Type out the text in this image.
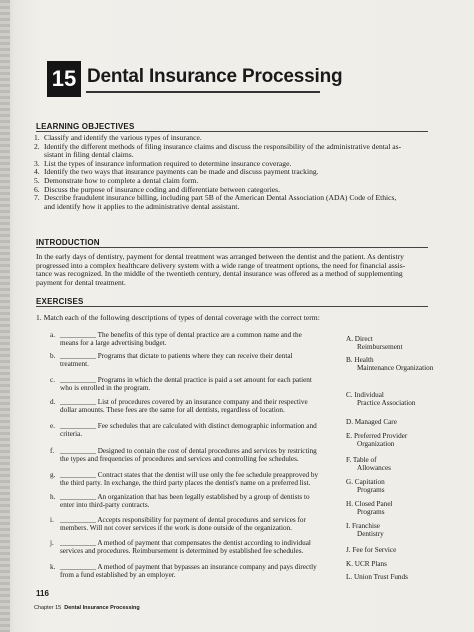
15 Dental Insurance Processing
LEARNING OBJECTIVES
1. Classify and identify the various types of insurance.
2. Identify the different methods of filing insurance claims and discuss the responsibility of the administrative dental as-
sistant in filing dental claims.
3. List the types of insurance information required to determine insurance coverage.
4. Identify the two ways that insurance payments can be made and discuss payment tracking.
5. Demonstrate how to complete a dental claim form.
6. Discuss the purpose of insurance coding and differentiate between categories.
7. Describe fraudulent insurance billing, including part 5B of the American Dental Association (ADA) Code of Ethics,
and identify how it applies to the administrative dental assistant.
INTRODUCTION
In the early days of dentistry, payment for dental treatment was arranged between the dentist and the patient. As dentistry
progressed into a complex healthcare delivery system with a wide range of treatment options, the need for financial assis-
tance was recognized. In the middle of the twentieth century, dental insurance was offered as a method of supplementing
payment for dental treatment.
EXERCISES
1. Match each of the following descriptions of types of dental coverage with the correct term:
a. __________ The benefits of this type of dental practice are a common name and the
means for a large advertising budget.
b. __________ Programs that dictate to patients where they can receive their dental
treatment.
c. __________ Programs in which the dental practice is paid a set amount for each patient
who is enrolled in the program.
d. __________ List of procedures covered by an insurance company and their respective
dollar amounts. These fees are the same for all dentists, regardless of location.
e. __________ Fee schedules that are calculated with distinct demographic information and
criteria.
f. __________ Designed to contain the cost of dental procedures and services by restricting
the types and frequencies of procedures and services and controlling fee schedules.
g. __________ Contract states that the dentist will use only the fee schedule preapproved by
the third party. In exchange, the third party places the dentist's name on a preferred list.
h. __________ An organization that has been legally established by a group of dentists to
enter into third-party contracts.
i. __________ Accepts responsibility for payment of dental procedures and services for
members. Will not cover services if the work is done outside of the organization.
j. __________ A method of payment that compensates the dentist according to individual
services and procedures. Reimbursement is determined by established fee schedules.
k. __________ A method of payment that bypasses an insurance company and pays directly
from a fund established by an employer.
A. Direct
Reimbursement
B. Health
Maintenance Organization
C. Individual
Practice Association
D. Managed Care
E. Preferred Provider
Organization
F. Table of
Allowances
G. Capitation
Programs
H. Closed Panel
Programs
I. Franchise
Dentistry
J. Fee for Service
K. UCR Plans
L. Union Trust Funds
116
Chapter 15 Dental Insurance Processing
